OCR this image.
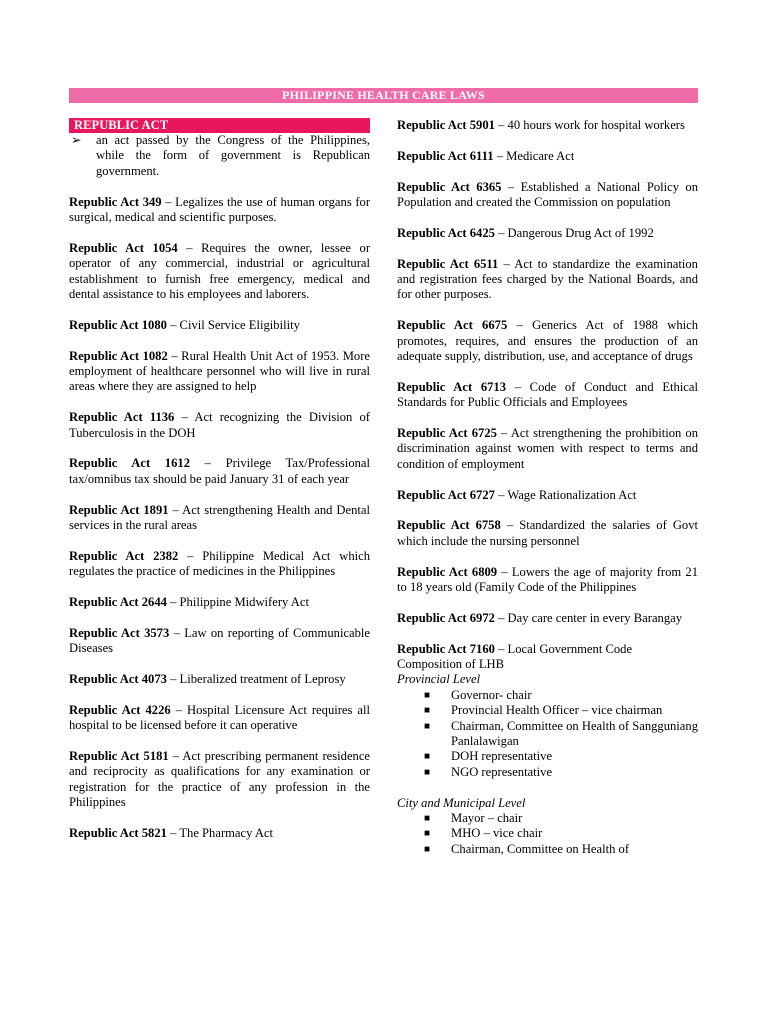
PHILIPPINE HEALTH CARE LAWS
REPUBLIC ACT
➢	an act passed by the Congress of the Philippines, while the form of government is Republican government.
Republic Act 349 – Legalizes the use of human organs for surgical, medical and scientific purposes.
Republic Act 1054 – Requires the owner, lessee or operator of any commercial, industrial or agricultural establishment to furnish free emergency, medical and dental assistance to his employees and laborers.
Republic Act 1080 – Civil Service Eligibility
Republic Act 1082 – Rural Health Unit Act of 1953. More employment of healthcare personnel who will live in rural areas where they are assigned to help
Republic Act 1136 – Act recognizing the Division of Tuberculosis in the DOH
Republic Act 1612 – Privilege Tax/Professional tax/omnibus tax should be paid January 31 of each year
Republic Act 1891 – Act strengthening Health and Dental services in the rural areas
Republic Act 2382 – Philippine Medical Act which regulates the practice of medicines in the Philippines
Republic Act 2644 – Philippine Midwifery Act
Republic Act 3573 – Law on reporting of Communicable Diseases
Republic Act 4073 – Liberalized treatment of Leprosy
Republic Act 4226 – Hospital Licensure Act requires all hospital to be licensed before it can operative
Republic Act 5181 – Act prescribing permanent residence and reciprocity as qualifications for any examination or registration for the practice of any profession in the Philippines
Republic Act 5821 – The Pharmacy Act
Republic Act 5901 – 40 hours work for hospital workers
Republic Act 6111 – Medicare Act
Republic Act 6365 – Established a National Policy on Population and created the Commission on population
Republic Act 6425 – Dangerous Drug Act of 1992
Republic Act 6511 – Act to standardize the examination and registration fees charged by the National Boards, and for other purposes.
Republic Act 6675 – Generics Act of 1988 which promotes, requires, and ensures the production of an adequate supply, distribution, use, and acceptance of drugs
Republic Act 6713 – Code of Conduct and Ethical Standards for Public Officials and Employees
Republic Act 6725 – Act strengthening the prohibition on discrimination against women with respect to terms and condition of employment
Republic Act 6727 – Wage Rationalization Act
Republic Act 6758 – Standardized the salaries of Govt which include the nursing personnel
Republic Act 6809 – Lowers the age of majority from 21 to 18 years old (Family Code of the Philippines
Republic Act 6972 – Day care center in every Barangay
Republic Act 7160 – Local Government Code
Composition of LHB
Provincial Level
■	Governor- chair
■	Provincial Health Officer – vice chairman
■	Chairman, Committee on Health of Sangguniang Panlalawigan
■	DOH representative
■	NGO representative
City and Municipal Level
■	Mayor – chair
■	MHO – vice chair
■	Chairman, Committee on Health of
